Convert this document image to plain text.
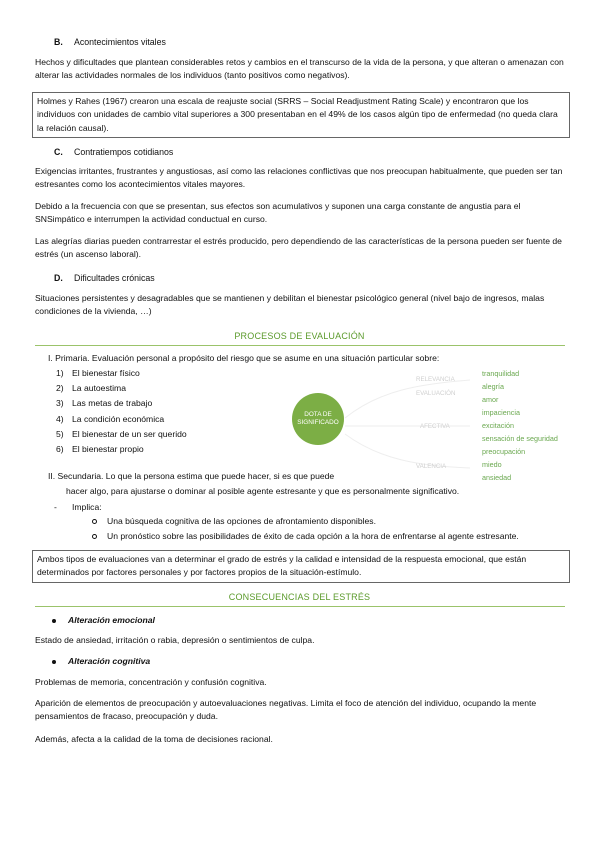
B. Acontecimientos vitales
Hechos y dificultades que plantean considerables retos y cambios en el transcurso de la vida de la persona, y que alteran o amenazan con alterar las actividades normales de los individuos (tanto positivos como negativos).
Holmes y Rahes (1967) crearon una escala de reajuste social (SRRS – Social Readjustment Rating Scale) y encontraron que los individuos con unidades de cambio vital superiores a 300 presentaban en el 49% de los casos algún tipo de enfermedad (no queda clara la relación causal).
C. Contratiempos cotidianos
Exigencias irritantes, frustrantes y angustiosas, así como las relaciones conflictivas que nos preocupan habitualmente, que pueden ser tan estresantes como los acontecimientos vitales mayores.
Debido a la frecuencia con que se presentan, sus efectos son acumulativos y suponen una carga constante de angustia para el SNSimpático e interrumpen la actividad conductual en curso.
Las alegrías diarias pueden contrarrestar el estrés producido, pero dependiendo de las características de la persona pueden ser fuente de estrés (un ascenso laboral).
D. Dificultades crónicas
Situaciones persistentes y desagradables que se mantienen y debilitan el bienestar psicológico general (nivel bajo de ingresos, malas condiciones de la vivienda, …)
PROCESOS DE EVALUACIÓN
I. Primaria. Evaluación personal a propósito del riesgo que se asume en una situación particular sobre:
1) El bienestar físico
2) La autoestima
3) Las metas de trabajo
4) La condición económica
5) El bienestar de un ser querido
6) El bienestar propio
DOTA DE SIGNIFICADO
RELEVANCIA
EVALUACIÓN
AFECTIVA
VALENCIA
tranquilidad
alegría
amor
impaciencia
excitación
sensación de seguridad
preocupación
miedo
ansiedad
II. Secundaria. Lo que la persona estima que puede hacer, si es que puede
hacer algo, para ajustarse o dominar al posible agente estresante y que es personalmente significativo.
- Implica:
Una búsqueda cognitiva de las opciones de afrontamiento disponibles.
Un pronóstico sobre las posibilidades de éxito de cada opción a la hora de enfrentarse al agente estresante.
Ambos tipos de evaluaciones van a determinar el grado de estrés y la calidad e intensidad de la respuesta emocional, que están determinados por factores personales y por factores propios de la situación-estímulo.
CONSECUENCIAS DEL ESTRÉS
Alteración emocional
Estado de ansiedad, irritación o rabia, depresión o sentimientos de culpa.
Alteración cognitiva
Problemas de memoria, concentración y confusión cognitiva.
Aparición de elementos de preocupación y autoevaluaciones negativas. Limita el foco de atención del individuo, ocupando la mente pensamientos de fracaso, preocupación y duda.
Además, afecta a la calidad de la toma de decisiones racional.
